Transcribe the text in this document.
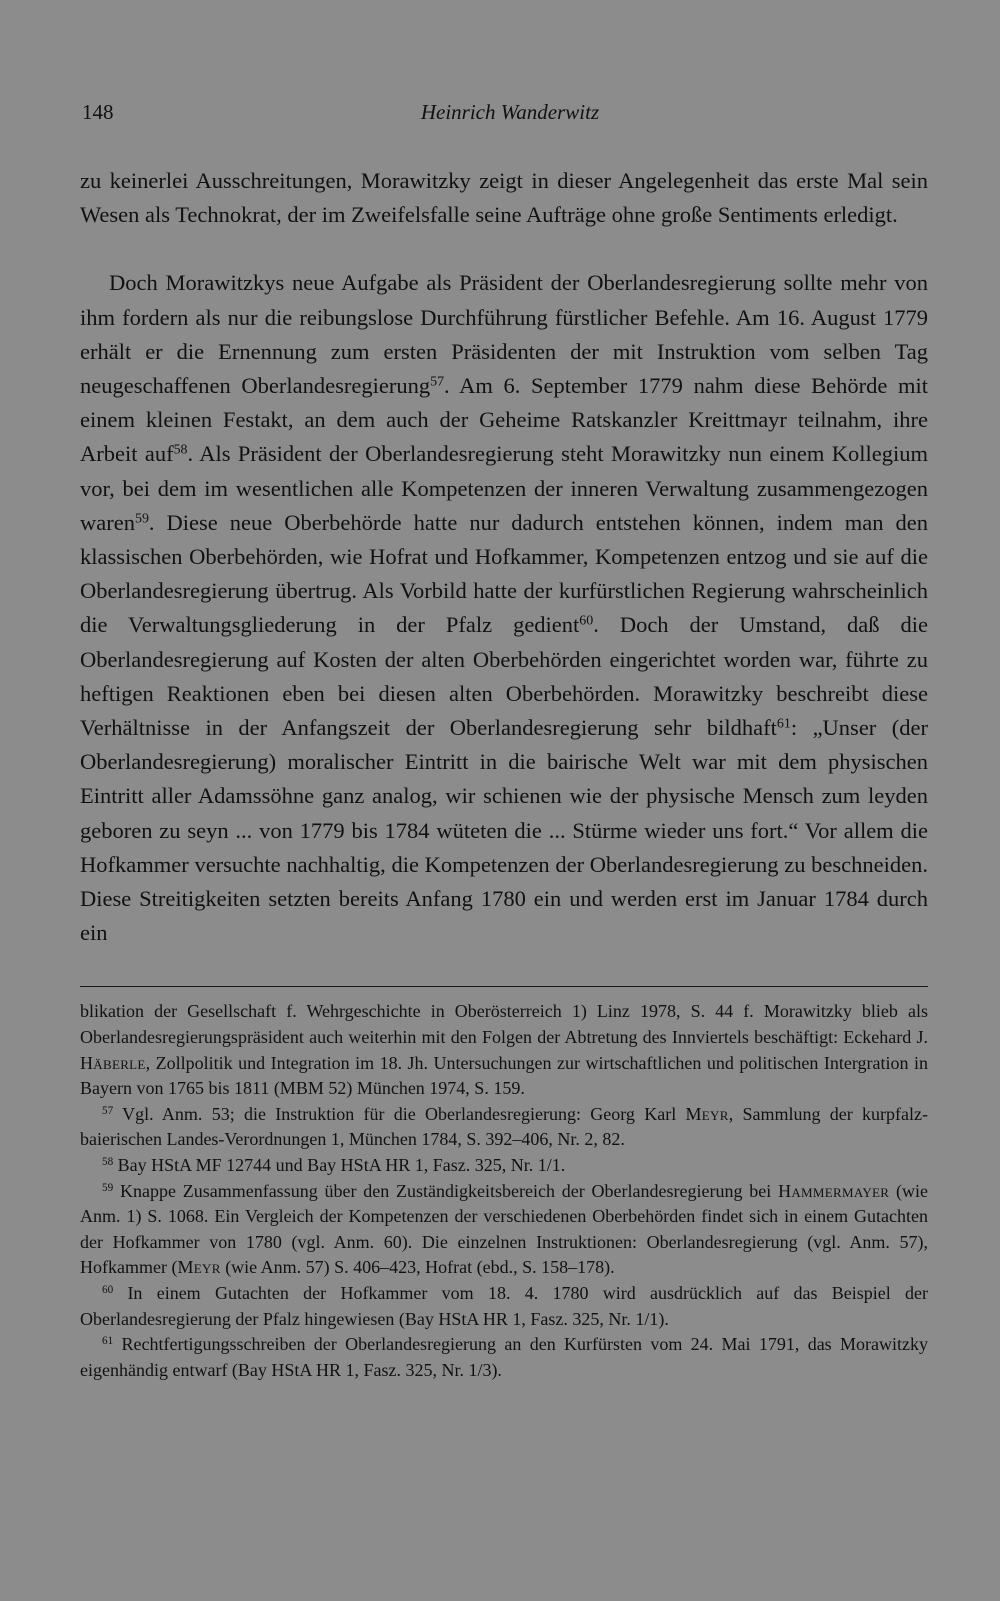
148	Heinrich Wanderwitz

zu keinerlei Ausschreitungen, Morawitzky zeigt in dieser Angelegenheit das erste Mal sein Wesen als Technokrat, der im Zweifelsfalle seine Aufträge ohne große Sentiments erledigt.

Doch Morawitzkys neue Aufgabe als Präsident der Oberlandesregierung sollte mehr von ihm fordern als nur die reibungslose Durchführung fürstlicher Befehle. Am 16. August 1779 erhält er die Ernennung zum ersten Präsidenten der mit Instruktion vom selben Tag neugeschaffenen Oberlandesregierung$^{57}$. Am 6. September 1779 nahm diese Behörde mit einem kleinen Festakt, an dem auch der Geheime Ratskanzler Kreittmayr teilnahm, ihre Arbeit auf$^{58}$. Als Präsident der Oberlandesregierung steht Morawitzky nun einem Kollegium vor, bei dem im wesentlichen alle Kompetenzen der inneren Verwaltung zusammengezogen waren$^{59}$. Diese neue Oberbehörde hatte nur dadurch entstehen können, indem man den klassischen Oberbehörden, wie Hofrat und Hofkammer, Kompetenzen entzog und sie auf die Oberlandesregierung übertrug. Als Vorbild hatte der kurfürstlichen Regierung wahrscheinlich die Verwaltungsgliederung in der Pfalz gedient$^{60}$. Doch der Umstand, daß die Oberlandesregierung auf Kosten der alten Oberbehörden eingerichtet worden war, führte zu heftigen Reaktionen eben bei diesen alten Oberbehörden. Morawitzky beschreibt diese Verhältnisse in der Anfangszeit der Oberlandesregierung sehr bildhaft$^{61}$: „Unser (der Oberlandesregierung) moralischer Eintritt in die bairische Welt war mit dem physischen Eintritt aller Adamssöhne ganz analog, wir schienen wie der physische Mensch zum leyden geboren zu seyn ... von 1779 bis 1784 wüteten die ... Stürme wieder uns fort.“ Vor allem die Hofkammer versuchte nachhaltig, die Kompetenzen der Oberlandesregierung zu beschneiden. Diese Streitigkeiten setzten bereits Anfang 1780 ein und werden erst im Januar 1784 durch ein

blikation der Gesellschaft f. Wehrgeschichte in Oberösterreich 1) Linz 1978, S. 44 f. Morawitzky blieb als Oberlandesregierungspräsident auch weiterhin mit den Folgen der Abtretung des Innviertels beschäftigt: Eckehard J. Häberle, Zollpolitik und Integration im 18. Jh. Untersuchungen zur wirtschaftlichen und politischen Intergration in Bayern von 1765 bis 1811 (MBM 52) München 1974, S. 159.

$^{57}$ Vgl. Anm. 53; die Instruktion für die Oberlandesregierung: Georg Karl Meyr, Sammlung der kurpfalz-baierischen Landes-Verordnungen 1, München 1784, S. 392–406, Nr. 2, 82.

$^{58}$ Bay HStA MF 12744 und Bay HStA HR 1, Fasz. 325, Nr. 1/1.

$^{59}$ Knappe Zusammenfassung über den Zuständigkeitsbereich der Oberlandesregierung bei Hammermayer (wie Anm. 1) S. 1068. Ein Vergleich der Kompetenzen der verschiedenen Oberbehörden findet sich in einem Gutachten der Hofkammer von 1780 (vgl. Anm. 60). Die einzelnen Instruktionen: Oberlandesregierung (vgl. Anm. 57), Hofkammer (Meyr (wie Anm. 57) S. 406–423, Hofrat (ebd., S. 158–178).

$^{60}$ In einem Gutachten der Hofkammer vom 18. 4. 1780 wird ausdrücklich auf das Beispiel der Oberlandesregierung der Pfalz hingewiesen (Bay HStA HR 1, Fasz. 325, Nr. 1/1).

$^{61}$ Rechtfertigungsschreiben der Oberlandesregierung an den Kurfürsten vom 24. Mai 1791, das Morawitzky eigenhändig entwarf (Bay HStA HR 1, Fasz. 325, Nr. 1/3).
